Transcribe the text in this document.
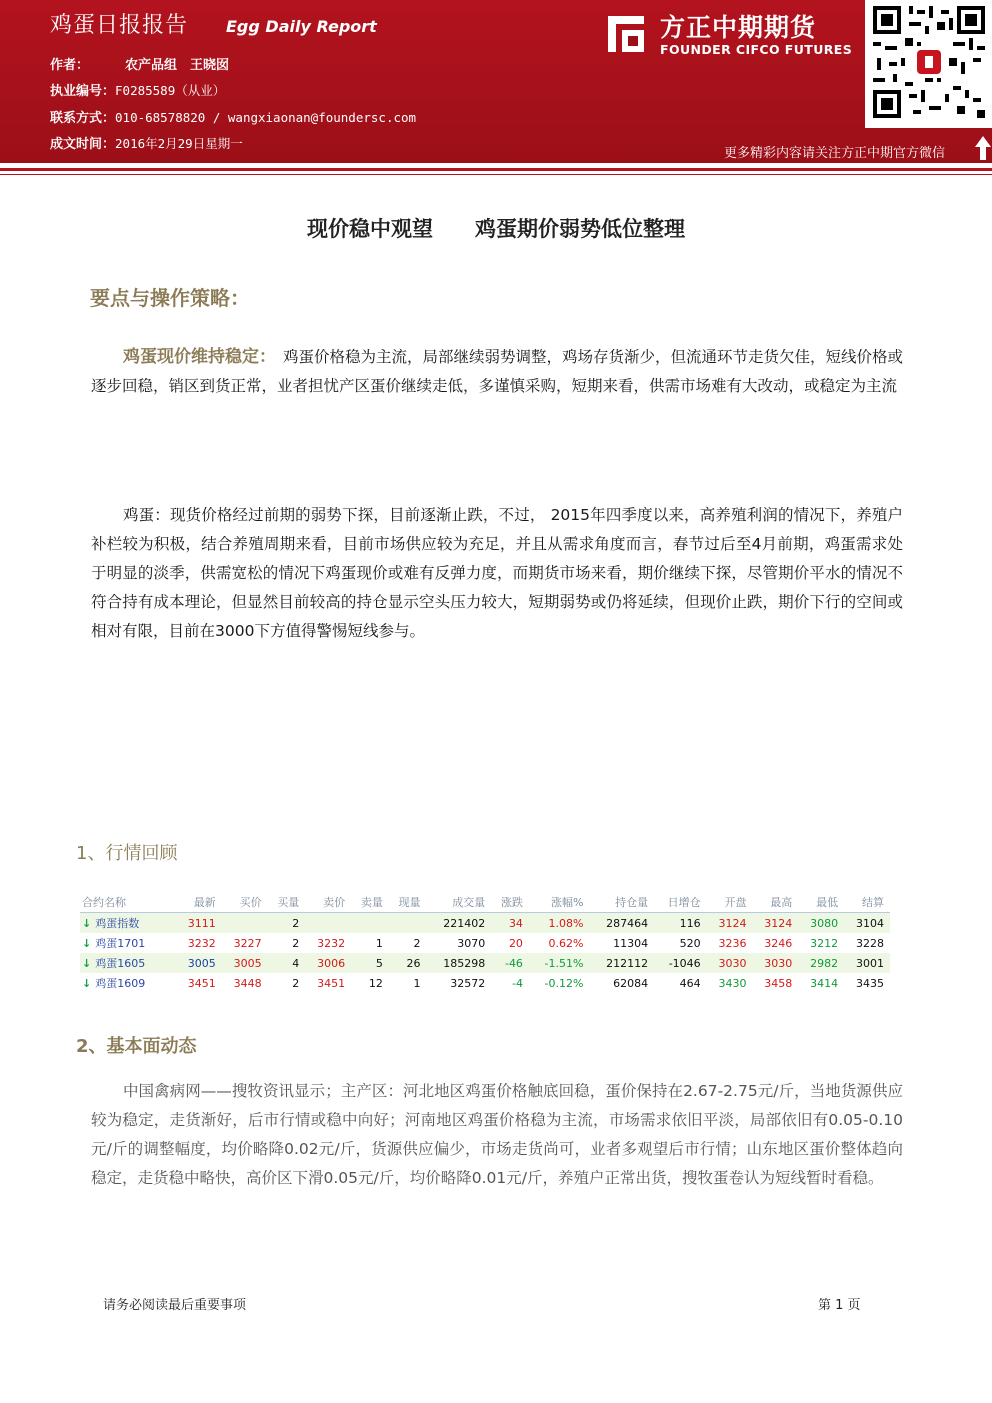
鸡蛋日报报告 Egg Daily Report
作者：	农产品组　王晓囡
执业编号：F0285589（从业）
联系方式：010-68578820 / wangxiaonan@foundersc.com
成文时间：2016年2月29日星期一
方正中期期货
FOUNDER CIFCO FUTURES
更多精彩内容请关注方正中期官方微信
现价稳中观望　　鸡蛋期价弱势低位整理
要点与操作策略：
鸡蛋现价维持稳定：　鸡蛋价格稳为主流，局部继续弱势调整，鸡场存货渐少，但流通环节走货欠佳，短线价格或逐步回稳，销区到货正常，业者担忧产区蛋价继续走低，多谨慎采购，短期来看，供需市场难有大改动，或稳定为主流
鸡蛋：现货价格经过前期的弱势下探，目前逐渐止跌，不过， 2015年四季度以来，高养殖利润的情况下，养殖户补栏较为积极，结合养殖周期来看，目前市场供应较为充足，并且从需求角度而言，春节过后至4月前期，鸡蛋需求处于明显的淡季，供需宽松的情况下鸡蛋现价或难有反弹力度，而期货市场来看，期价继续下探，尽管期价平水的情况不符合持有成本理论，但显然目前较高的持仓显示空头压力较大，短期弱势或仍将延续，但现价止跌，期价下行的空间或相对有限，目前在3000下方值得警惕短线参与。
1、行情回顾
合约名称	最新	买价	买量	卖价	卖量	现量	成交量	涨跌	涨幅%	持仓量	日增仓	开盘	最高	最低	结算
↓ 鸡蛋指数	3111		2				221402	34	1.08%	287464	116	3124	3124	3080	3104
↓ 鸡蛋1701	3232	3227	2	3232	1	2	3070	20	0.62%	11304	520	3236	3246	3212	3228
↓ 鸡蛋1605	3005	3005	4	3006	5	26	185298	-46	-1.51%	212112	-1046	3030	3030	2982	3001
↓ 鸡蛋1609	3451	3448	2	3451	12	1	32572	-4	-0.12%	62084	464	3430	3458	3414	3435
2、基本面动态
中国禽病网——搜牧资讯显示；主产区：河北地区鸡蛋价格触底回稳，蛋价保持在2.67-2.75元/斤，当地货源供应较为稳定，走货渐好，后市行情或稳中向好；河南地区鸡蛋价格稳为主流，市场需求依旧平淡，局部依旧有0.05-0.10元/斤的调整幅度，均价略降0.02元/斤，货源供应偏少，市场走货尚可，业者多观望后市行情；山东地区蛋价整体趋向稳定，走货稳中略快，高价区下滑0.05元/斤，均价略降0.01元/斤，养殖户正常出货，搜牧蛋卷认为短线暂时看稳。
请务必阅读最后重要事项	第 1 页
